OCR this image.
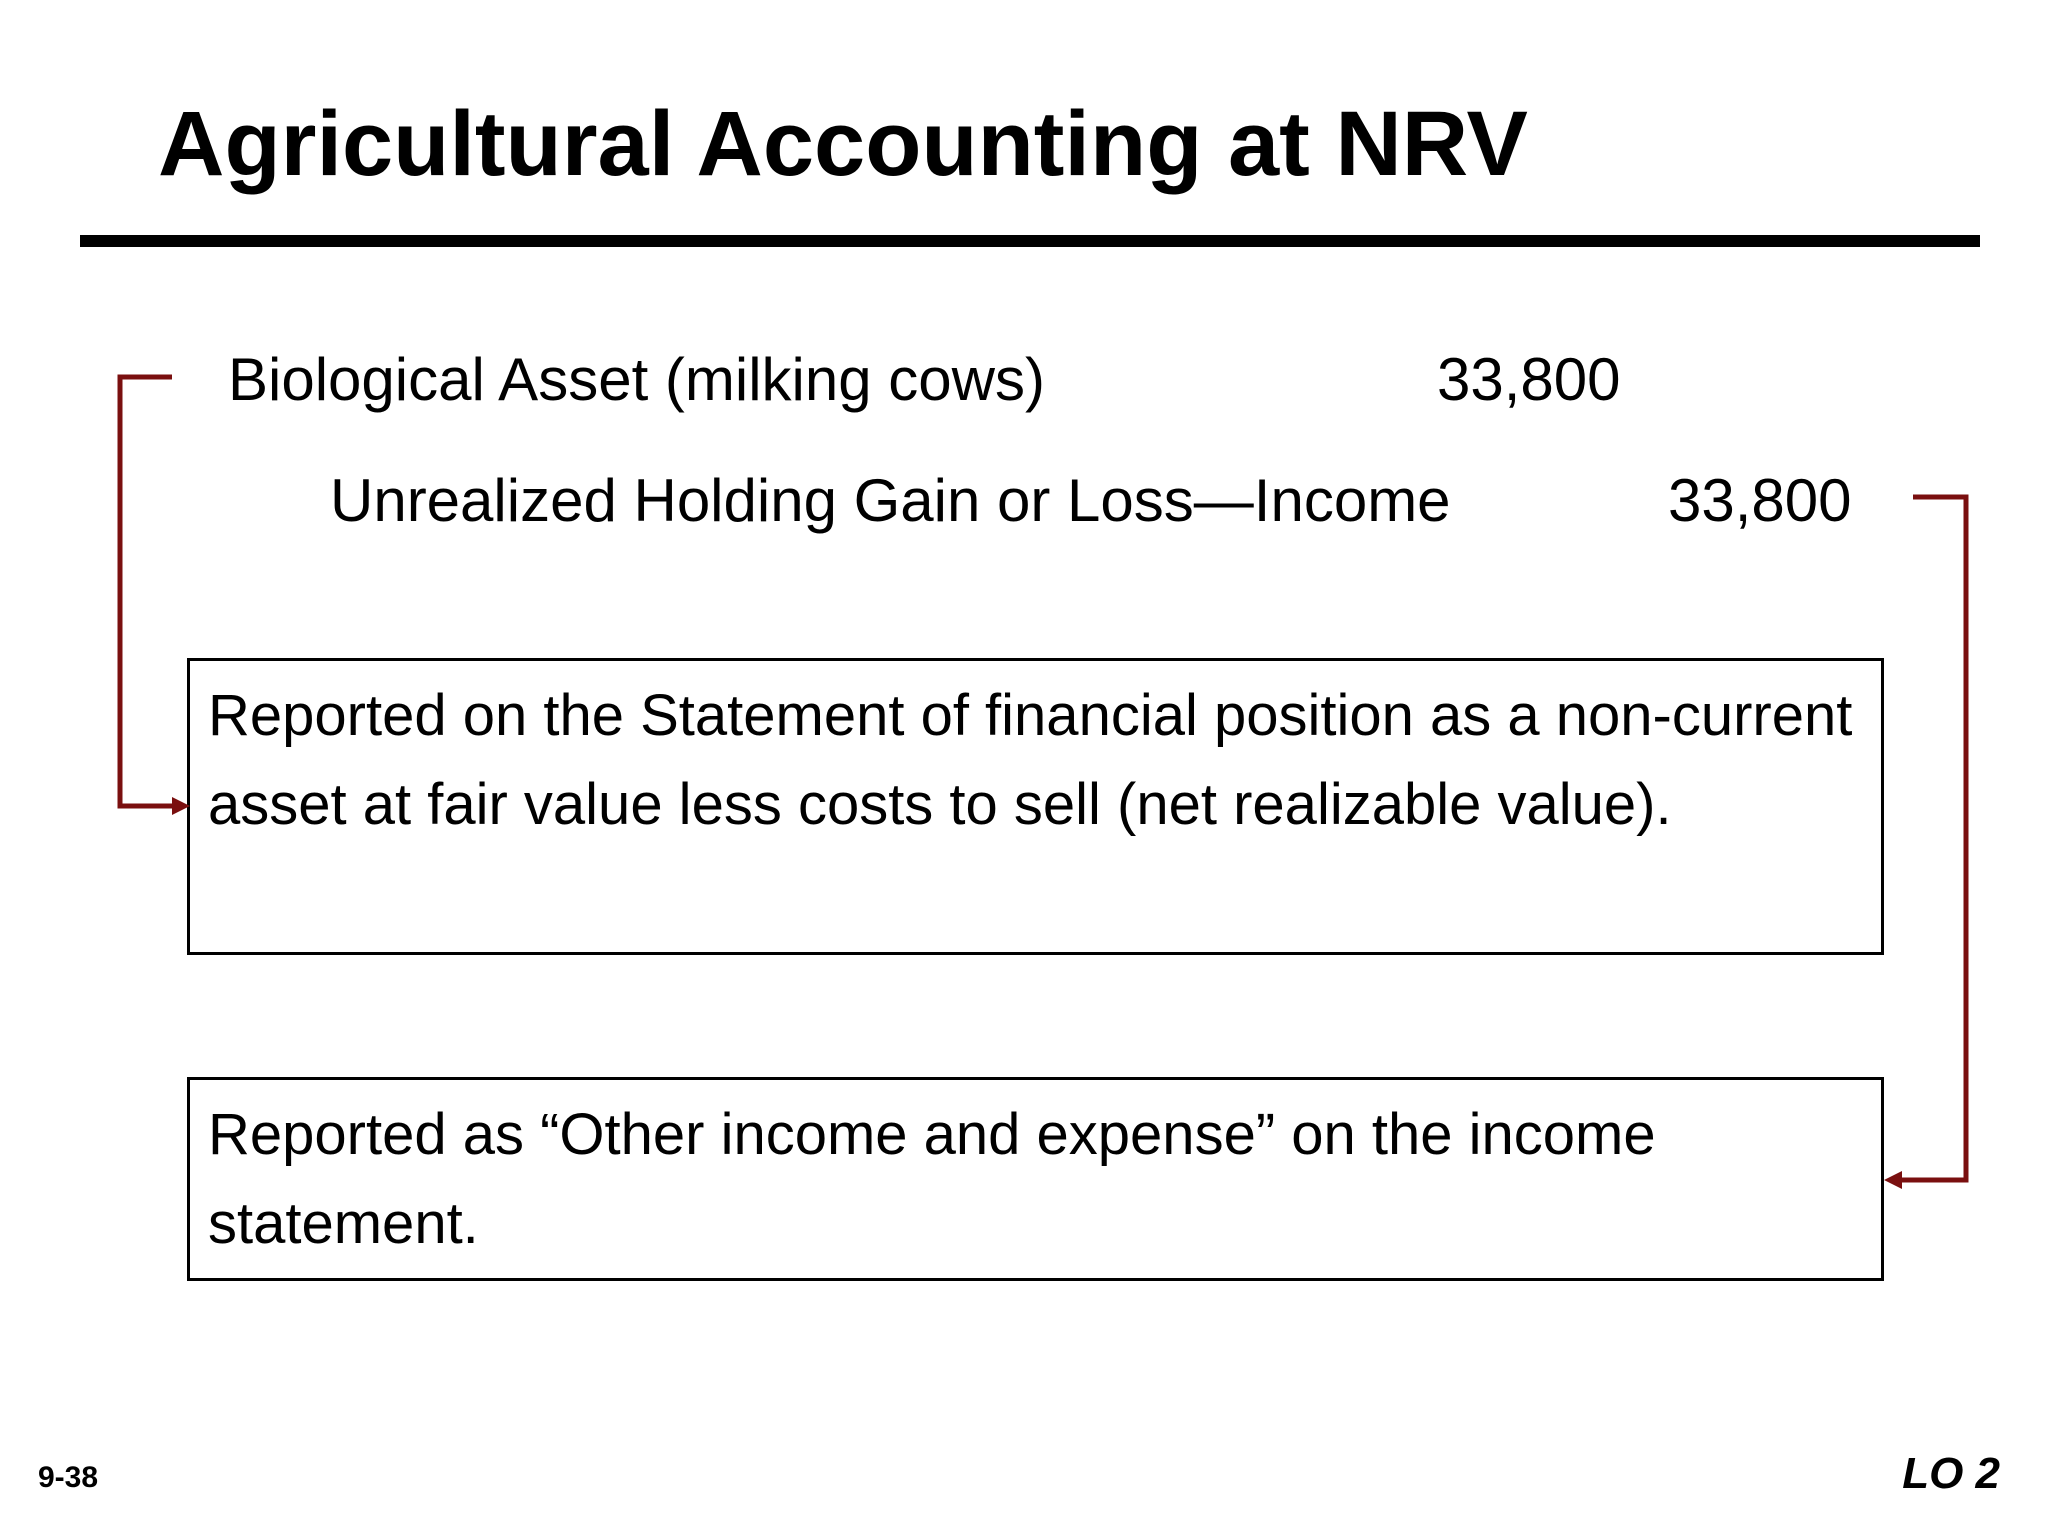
Agricultural Accounting at NRV
Biological Asset (milking cows)	33,800
Unrealized Holding Gain or Loss—Income	33,800
Reported on the Statement of financial position as a non-current asset at fair value less costs to sell (net realizable value).
Reported as “Other income and expense” on the income statement.
9-38	LO 2
